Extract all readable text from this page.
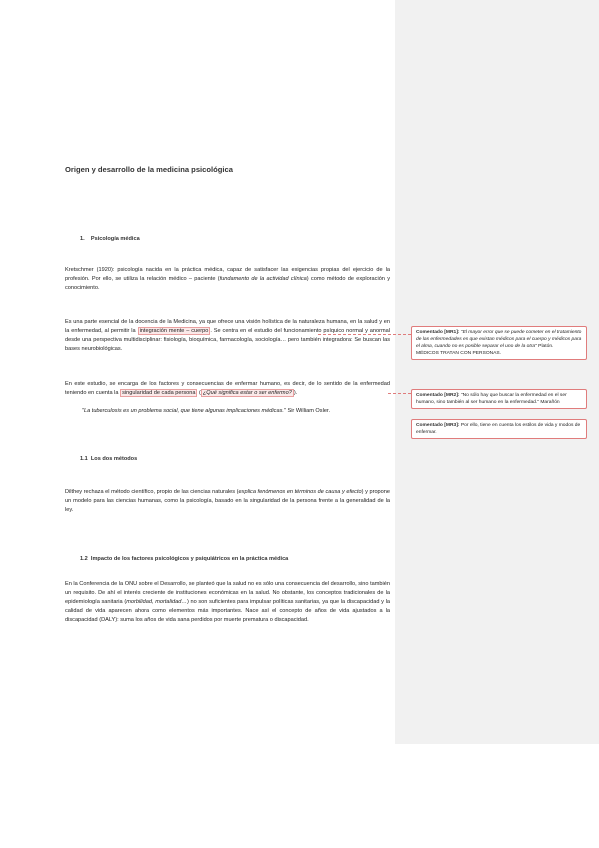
Origen y desarrollo de la medicina psicológica
1. Psicología médica
Kretschmer (1920): psicología nacida en la práctica médica, capaz de satisfacer las exigencias propias del ejercicio de la profesión. Por ello, se utiliza la relación médico – paciente (fundamento de la actividad clínica) como método de exploración y conocimiento.
Es una parte esencial de la docencia de la Medicina, ya que ofrece una visión holística de la naturaleza humana, en la salud y en la enfermedad, al permitir la integración mente – cuerpo . Se centra en el estudio del funcionamiento psíquico normal y anormal desde una perspectiva multidisciplinar: fisiología, bioquímica, farmacología, sociología… pero también integradora: Se buscan las bases neurobiológicas.
En este estudio, se encarga de los factores y consecuencias de enfermar humano, es decir, de lo sentido de la enfermedad teniendo en cuenta la singularidad de cada persona ( ¿Qué significa estar o ser enfermo? ).
"La tuberculosis es un problema social, que tiene algunas implicaciones médicas." Sir William Osler.
1.1 Los dos métodos
Dilthey rechaza el método científico, propio de las ciencias naturales (explica fenómenos en términos de causa y efecto) y propone un modelo para las ciencias humanas, como la psicología, basado en la singularidad de la persona frente a la generalidad de la ley.
1.2 Impacto de los factores psicológicos y psiquiátricos en la práctica médica
En la Conferencia de la ONU sobre el Desarrollo, se planteó que la salud no es sólo una consecuencia del desarrollo, sino también un requisito. De ahí el interés creciente de instituciones económicas en la salud. No obstante, los conceptos tradicionales de la epidemiología sanitaria (morbilidad, mortalidad…) no son suficientes para impulsar políticas sanitarias, ya que la discapacidad y la calidad de vida aparecen ahora como elementos más importantes. Nace así el concepto de años de vida ajustados a la discapacidad (DALY): suma los años de vida sana perdidos por muerte prematura o discapacidad.
Comentado [MR1]: "El mayor error que se puede cometer en el tratamiento de las enfermedades es que existan médicos para el cuerpo y médicos para el alma, cuando no es posible separar el uno de la otra" Platón.
MÉDICOS TRATAN CON PERSONAS.
Comentado [MR2]: "No sólo hay que buscar la enfermedad en el ser humano, sino también al ser humano en la enfermedad." Marañón
Comentado [MR3]: Por ello, tiene en cuenta los estilos de vida y modos de enfermar.
